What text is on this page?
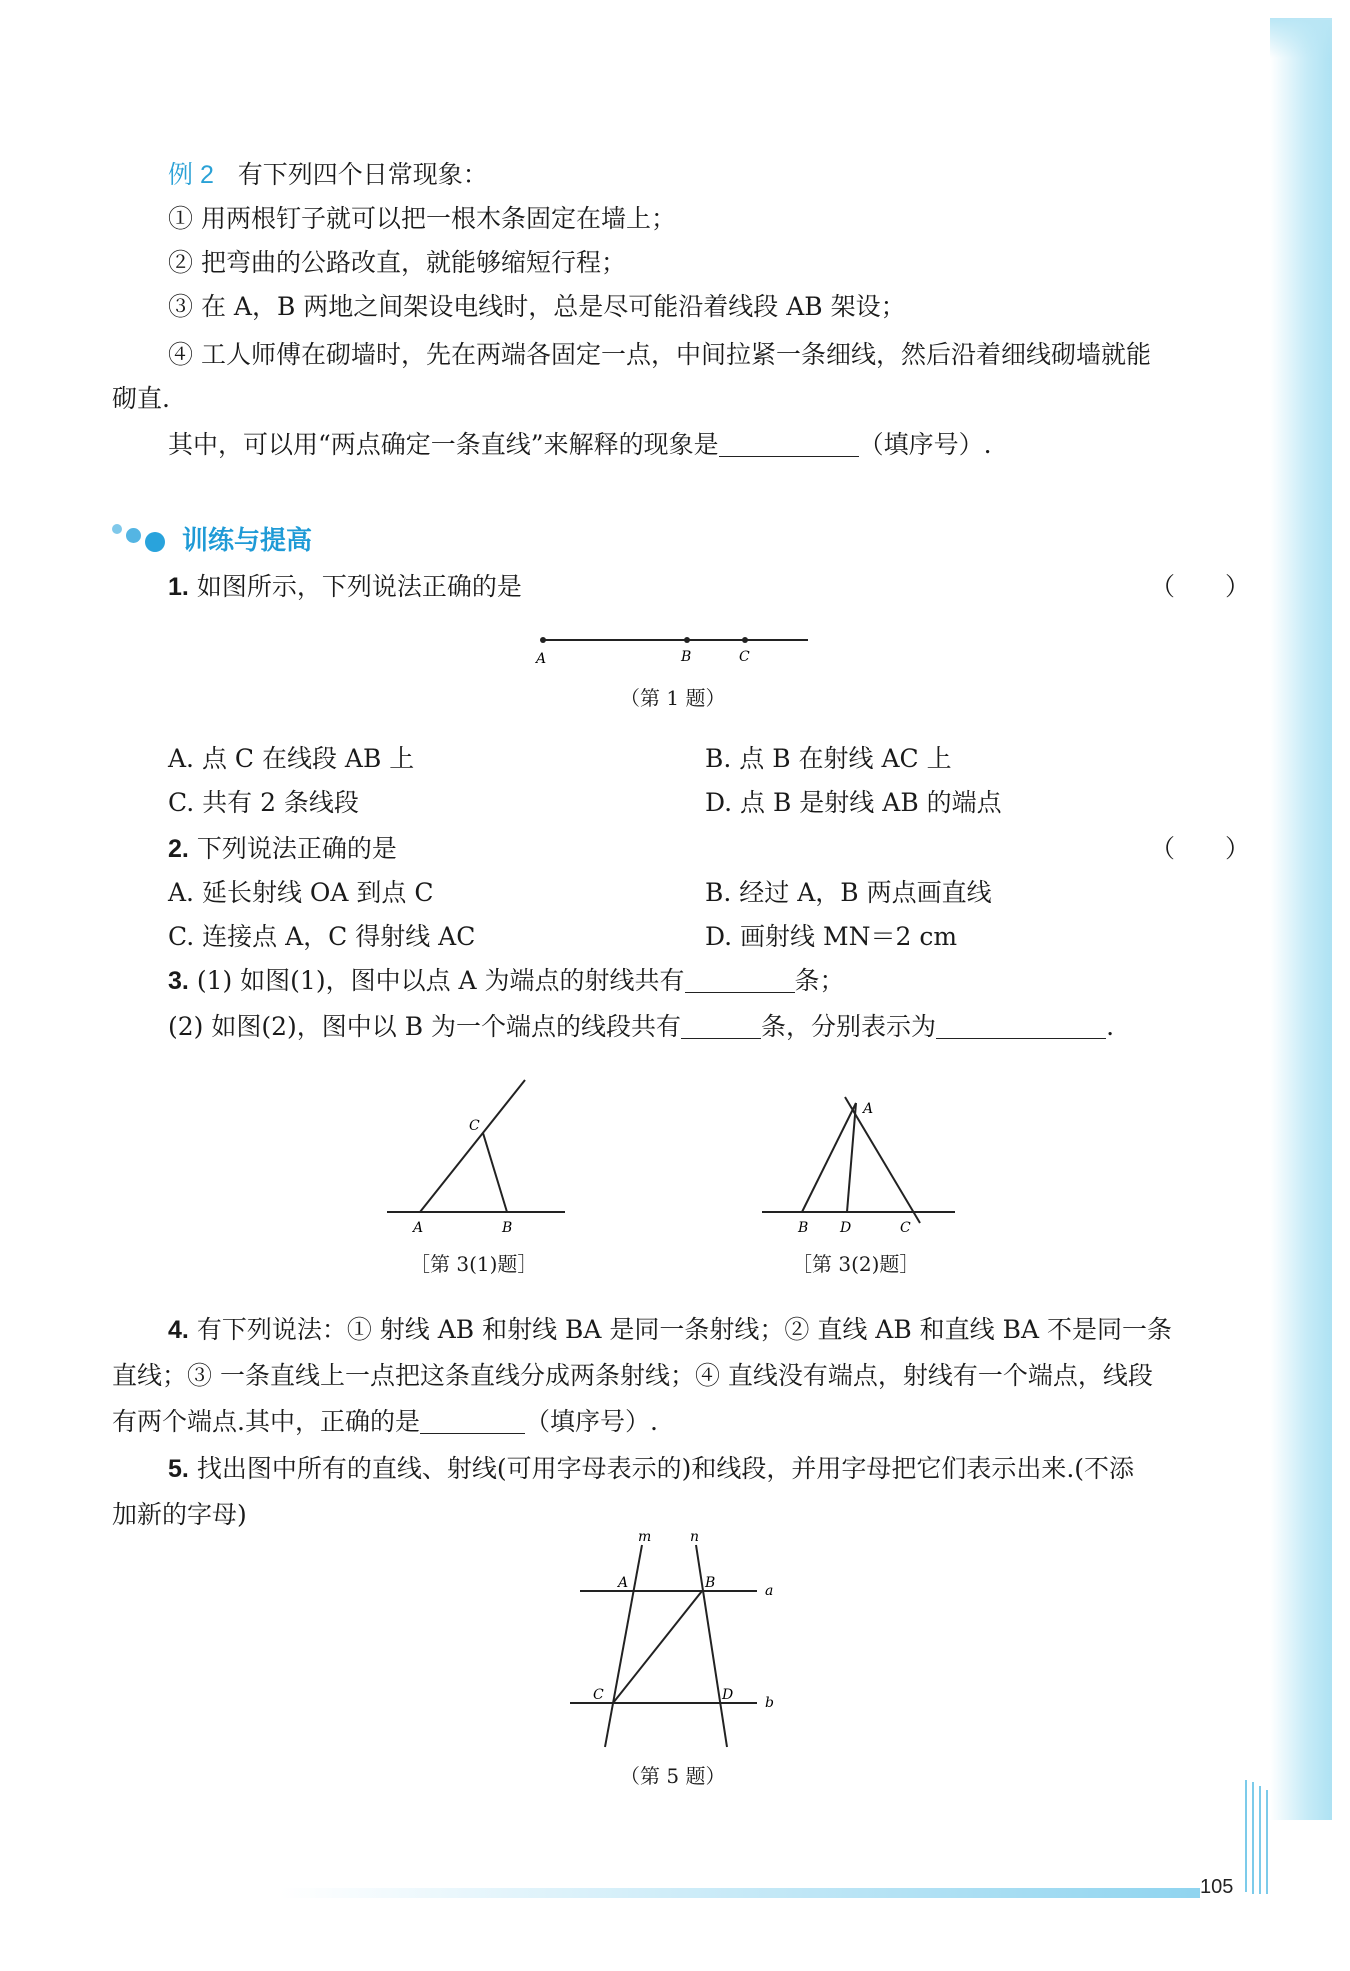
例 2 有下列四个日常现象：
① 用两根钉子就可以把一根木条固定在墙上；
② 把弯曲的公路改直，就能够缩短行程；
③ 在 A，B 两地之间架设电线时，总是尽可能沿着线段 AB 架设；
④ 工人师傅在砌墙时，先在两端各固定一点，中间拉紧一条细线，然后沿着细线砌墙就能
砌直.
其中，可以用“两点确定一条直线”来解释的现象是	（填序号）.
训练与提高
1. 如图所示，下列说法正确的是	（　　）
A	B	C
（第 1 题）
A. 点 C 在线段 AB 上	B. 点 B 在射线 AC 上
C. 共有 2 条线段	D. 点 B 是射线 AB 的端点
2. 下列说法正确的是	（　　）
A. 延长射线 OA 到点 C	B. 经过 A，B 两点画直线
C. 连接点 A，C 得射线 AC	D. 画射线 MN＝2 cm
3. (1) 如图(1)，图中以点 A 为端点的射线共有	条；
(2) 如图(2)，图中以 B 为一个端点的线段共有	条，分别表示为	.
C
A	B
［第 3(1)题］
A
B D	C
［第 3(2)题］
4. 有下列说法：① 射线 AB 和射线 BA 是同一条射线；② 直线 AB 和直线 BA 不是同一条
直线；③ 一条直线上一点把这条直线分成两条射线；④ 直线没有端点，射线有一个端点，线段
有两个端点.其中，正确的是	（填序号）.
5. 找出图中所有的直线、射线(可用字母表示的)和线段，并用字母把它们表示出来.(不添
加新的字母)
m	n
A	B	a
C	D b
（第 5 题）
105
